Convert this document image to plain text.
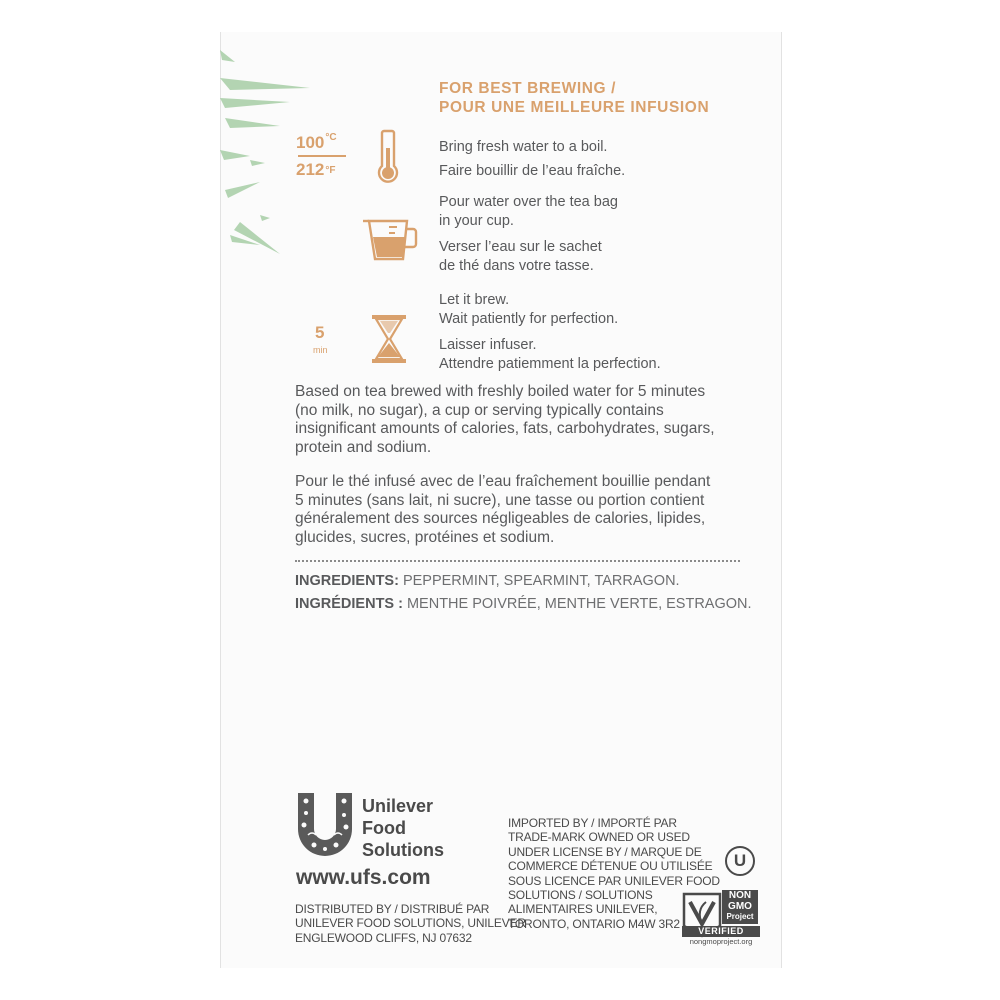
FOR BEST BREWING /
POUR UNE MEILLEURE INFUSION
100 °C
212 °F
Bring fresh water to a boil.
Faire bouillir de l’eau fraîche.
Pour water over the tea bag
in your cup.
Verser l’eau sur le sachet
de thé dans votre tasse.
5
min
Let it brew.
Wait patiently for perfection.
Laisser infuser.
Attendre patiemment la perfection.
Based on tea brewed with freshly boiled water for 5 minutes
(no milk, no sugar), a cup or serving typically contains
insignificant amounts of calories, fats, carbohydrates, sugars,
protein and sodium.
Pour le thé infusé avec de l’eau fraîchement bouillie pendant
5 minutes (sans lait, ni sucre), une tasse ou portion contient
généralement des sources négligeables de calories, lipides,
glucides, sucres, protéines et sodium.
INGREDIENTS: PEPPERMINT, SPEARMINT, TARRAGON.
INGRÉDIENTS : MENTHE POIVRÉE, MENTHE VERTE, ESTRAGON.
Unilever
Food
Solutions
www.ufs.com
DISTRIBUTED BY / DISTRIBUÉ PAR
UNILEVER FOOD SOLUTIONS, UNILEVER
ENGLEWOOD CLIFFS, NJ 07632
IMPORTED BY / IMPORTÉ PAR
TRADE-MARK OWNED OR USED
UNDER LICENSE BY / MARQUE DE
COMMERCE DÉTENUE OU UTILISÉE
SOUS LICENCE PAR UNILEVER FOOD
SOLUTIONS / SOLUTIONS
ALIMENTAIRES UNILEVER,
TORONTO, ONTARIO M4W 3R2
U
NON
GMO
Project
VERIFIED
nongmoproject.org
